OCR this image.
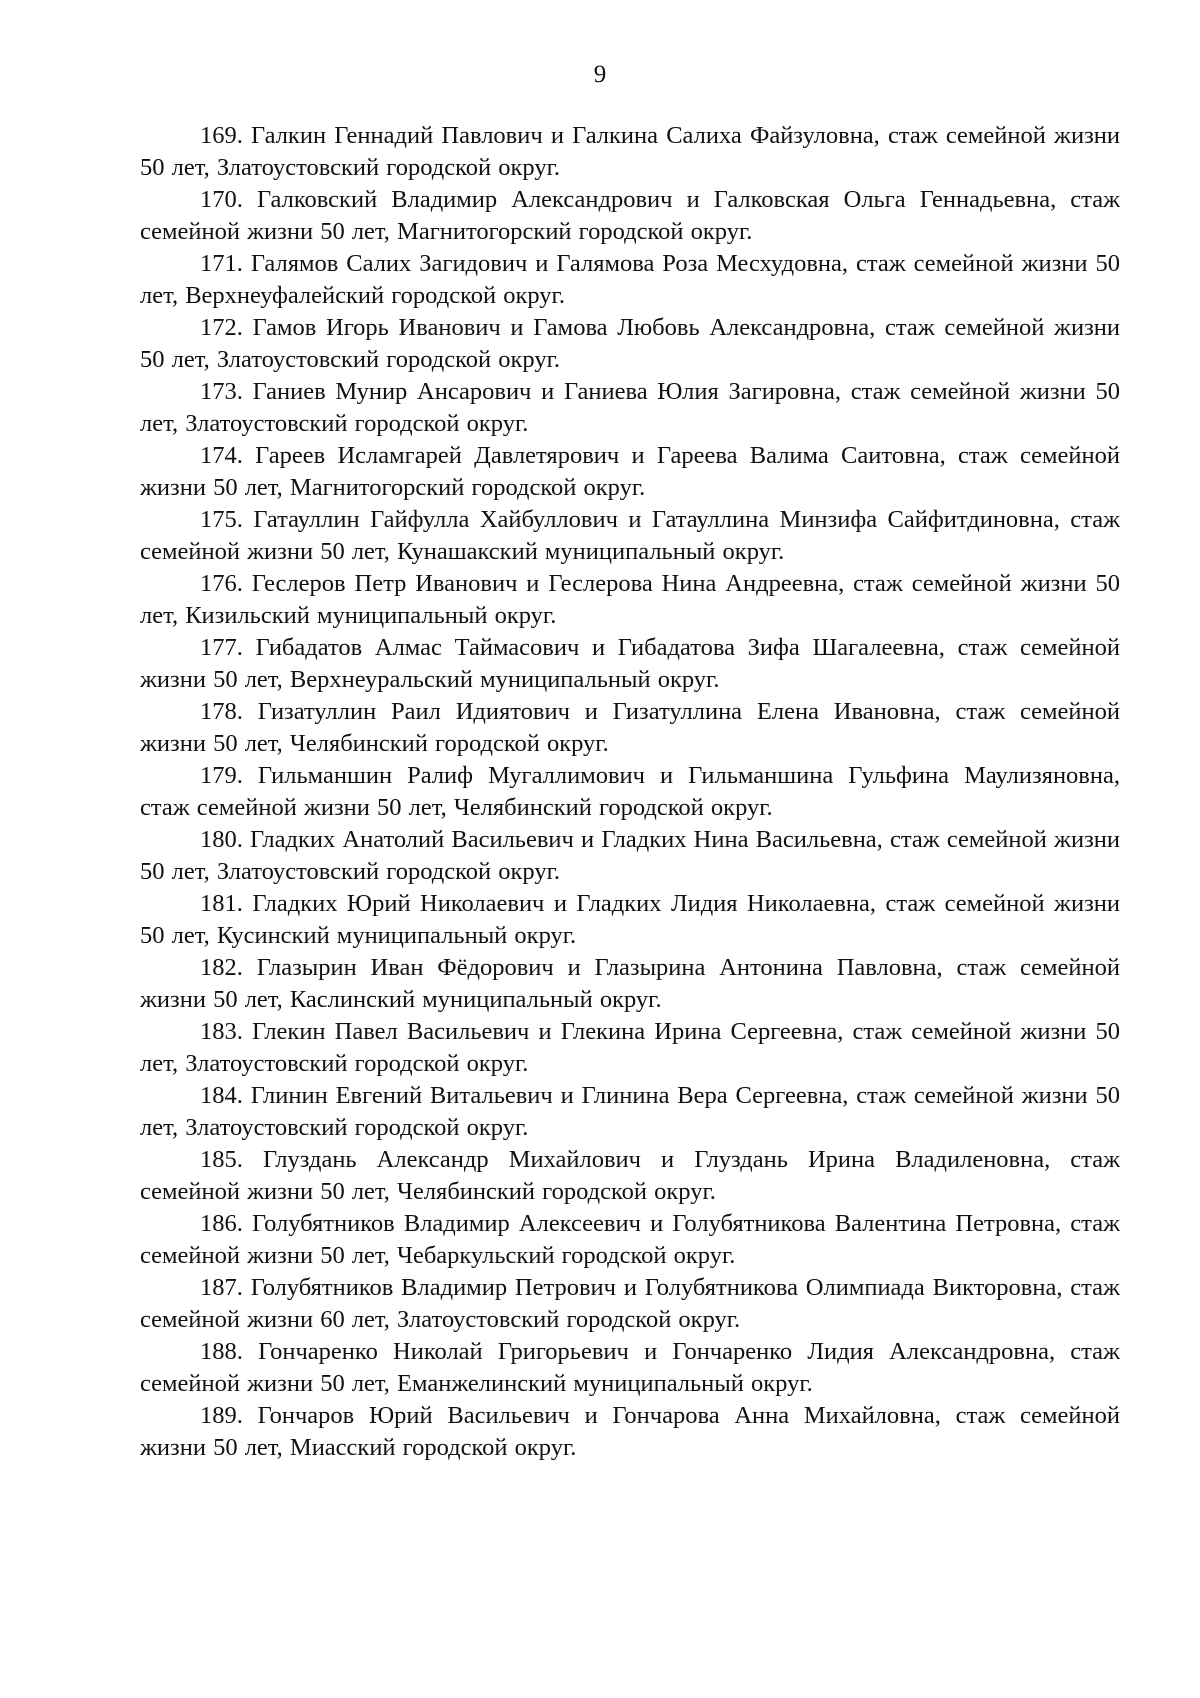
9

169. Галкин Геннадий Павлович и Галкина Салиха Файзуловна, стаж семейной жизни 50 лет, Златоустовский городской округ.

170. Галковский Владимир Александрович и Галковская Ольга Геннадьевна, стаж семейной жизни 50 лет, Магнитогорский городской округ.

171. Галямов Салих Загидович и Галямова Роза Месхудовна, стаж семейной жизни 50 лет, Верхнеуфалейский городской округ.

172. Гамов Игорь Иванович и Гамова Любовь Александровна, стаж семейной жизни 50 лет, Златоустовский городской округ.

173. Ганиев Мунир Ансарович и Ганиева Юлия Загировна, стаж семейной жизни 50 лет, Златоустовский городской округ.

174. Гареев Исламгарей Давлетярович и Гареева Валима Саитовна, стаж семейной жизни 50 лет, Магнитогорский городской округ.

175. Гатауллин Гайфулла Хайбуллович и Гатауллина Минзифа Сайфитдиновна, стаж семейной жизни 50 лет, Кунашакский муниципальный округ.

176. Геслеров Петр Иванович и Геслерова Нина Андреевна, стаж семейной жизни 50 лет, Кизильский муниципальный округ.

177. Гибадатов Алмас Таймасович и Гибадатова Зифа Шагалеевна, стаж семейной жизни 50 лет, Верхнеуральский муниципальный округ.

178. Гизатуллин Раил Идиятович и Гизатуллина Елена Ивановна, стаж семейной жизни 50 лет, Челябинский городской округ.

179. Гильманшин Ралиф Мугаллимович и Гильманшина Гульфина Маулизяновна, стаж семейной жизни 50 лет, Челябинский городской округ.

180. Гладких Анатолий Васильевич и Гладких Нина Васильевна, стаж семейной жизни 50 лет, Златоустовский городской округ.

181. Гладких Юрий Николаевич и Гладких Лидия Николаевна, стаж семейной жизни 50 лет, Кусинский муниципальный округ.

182. Глазырин Иван Фёдорович и Глазырина Антонина Павловна, стаж семейной жизни 50 лет, Каслинский муниципальный округ.

183. Глекин Павел Васильевич и Глекина Ирина Сергеевна, стаж семейной жизни 50 лет, Златоустовский городской округ.

184. Глинин Евгений Витальевич и Глинина Вера Сергеевна, стаж семейной жизни 50 лет, Златоустовский городской округ.

185. Глуздань Александр Михайлович и Глуздань Ирина Владиленовна, стаж семейной жизни 50 лет, Челябинский городской округ.

186. Голубятников Владимир Алексеевич и Голубятникова Валентина Петровна, стаж семейной жизни 50 лет, Чебаркульский городской округ.

187. Голубятников Владимир Петрович и Голубятникова Олимпиада Викторовна, стаж семейной жизни 60 лет, Златоустовский городской округ.

188. Гончаренко Николай Григорьевич и Гончаренко Лидия Александровна, стаж семейной жизни 50 лет, Еманжелинский муниципальный округ.

189. Гончаров Юрий Васильевич и Гончарова Анна Михайловна, стаж семейной жизни 50 лет, Миасский городской округ.
